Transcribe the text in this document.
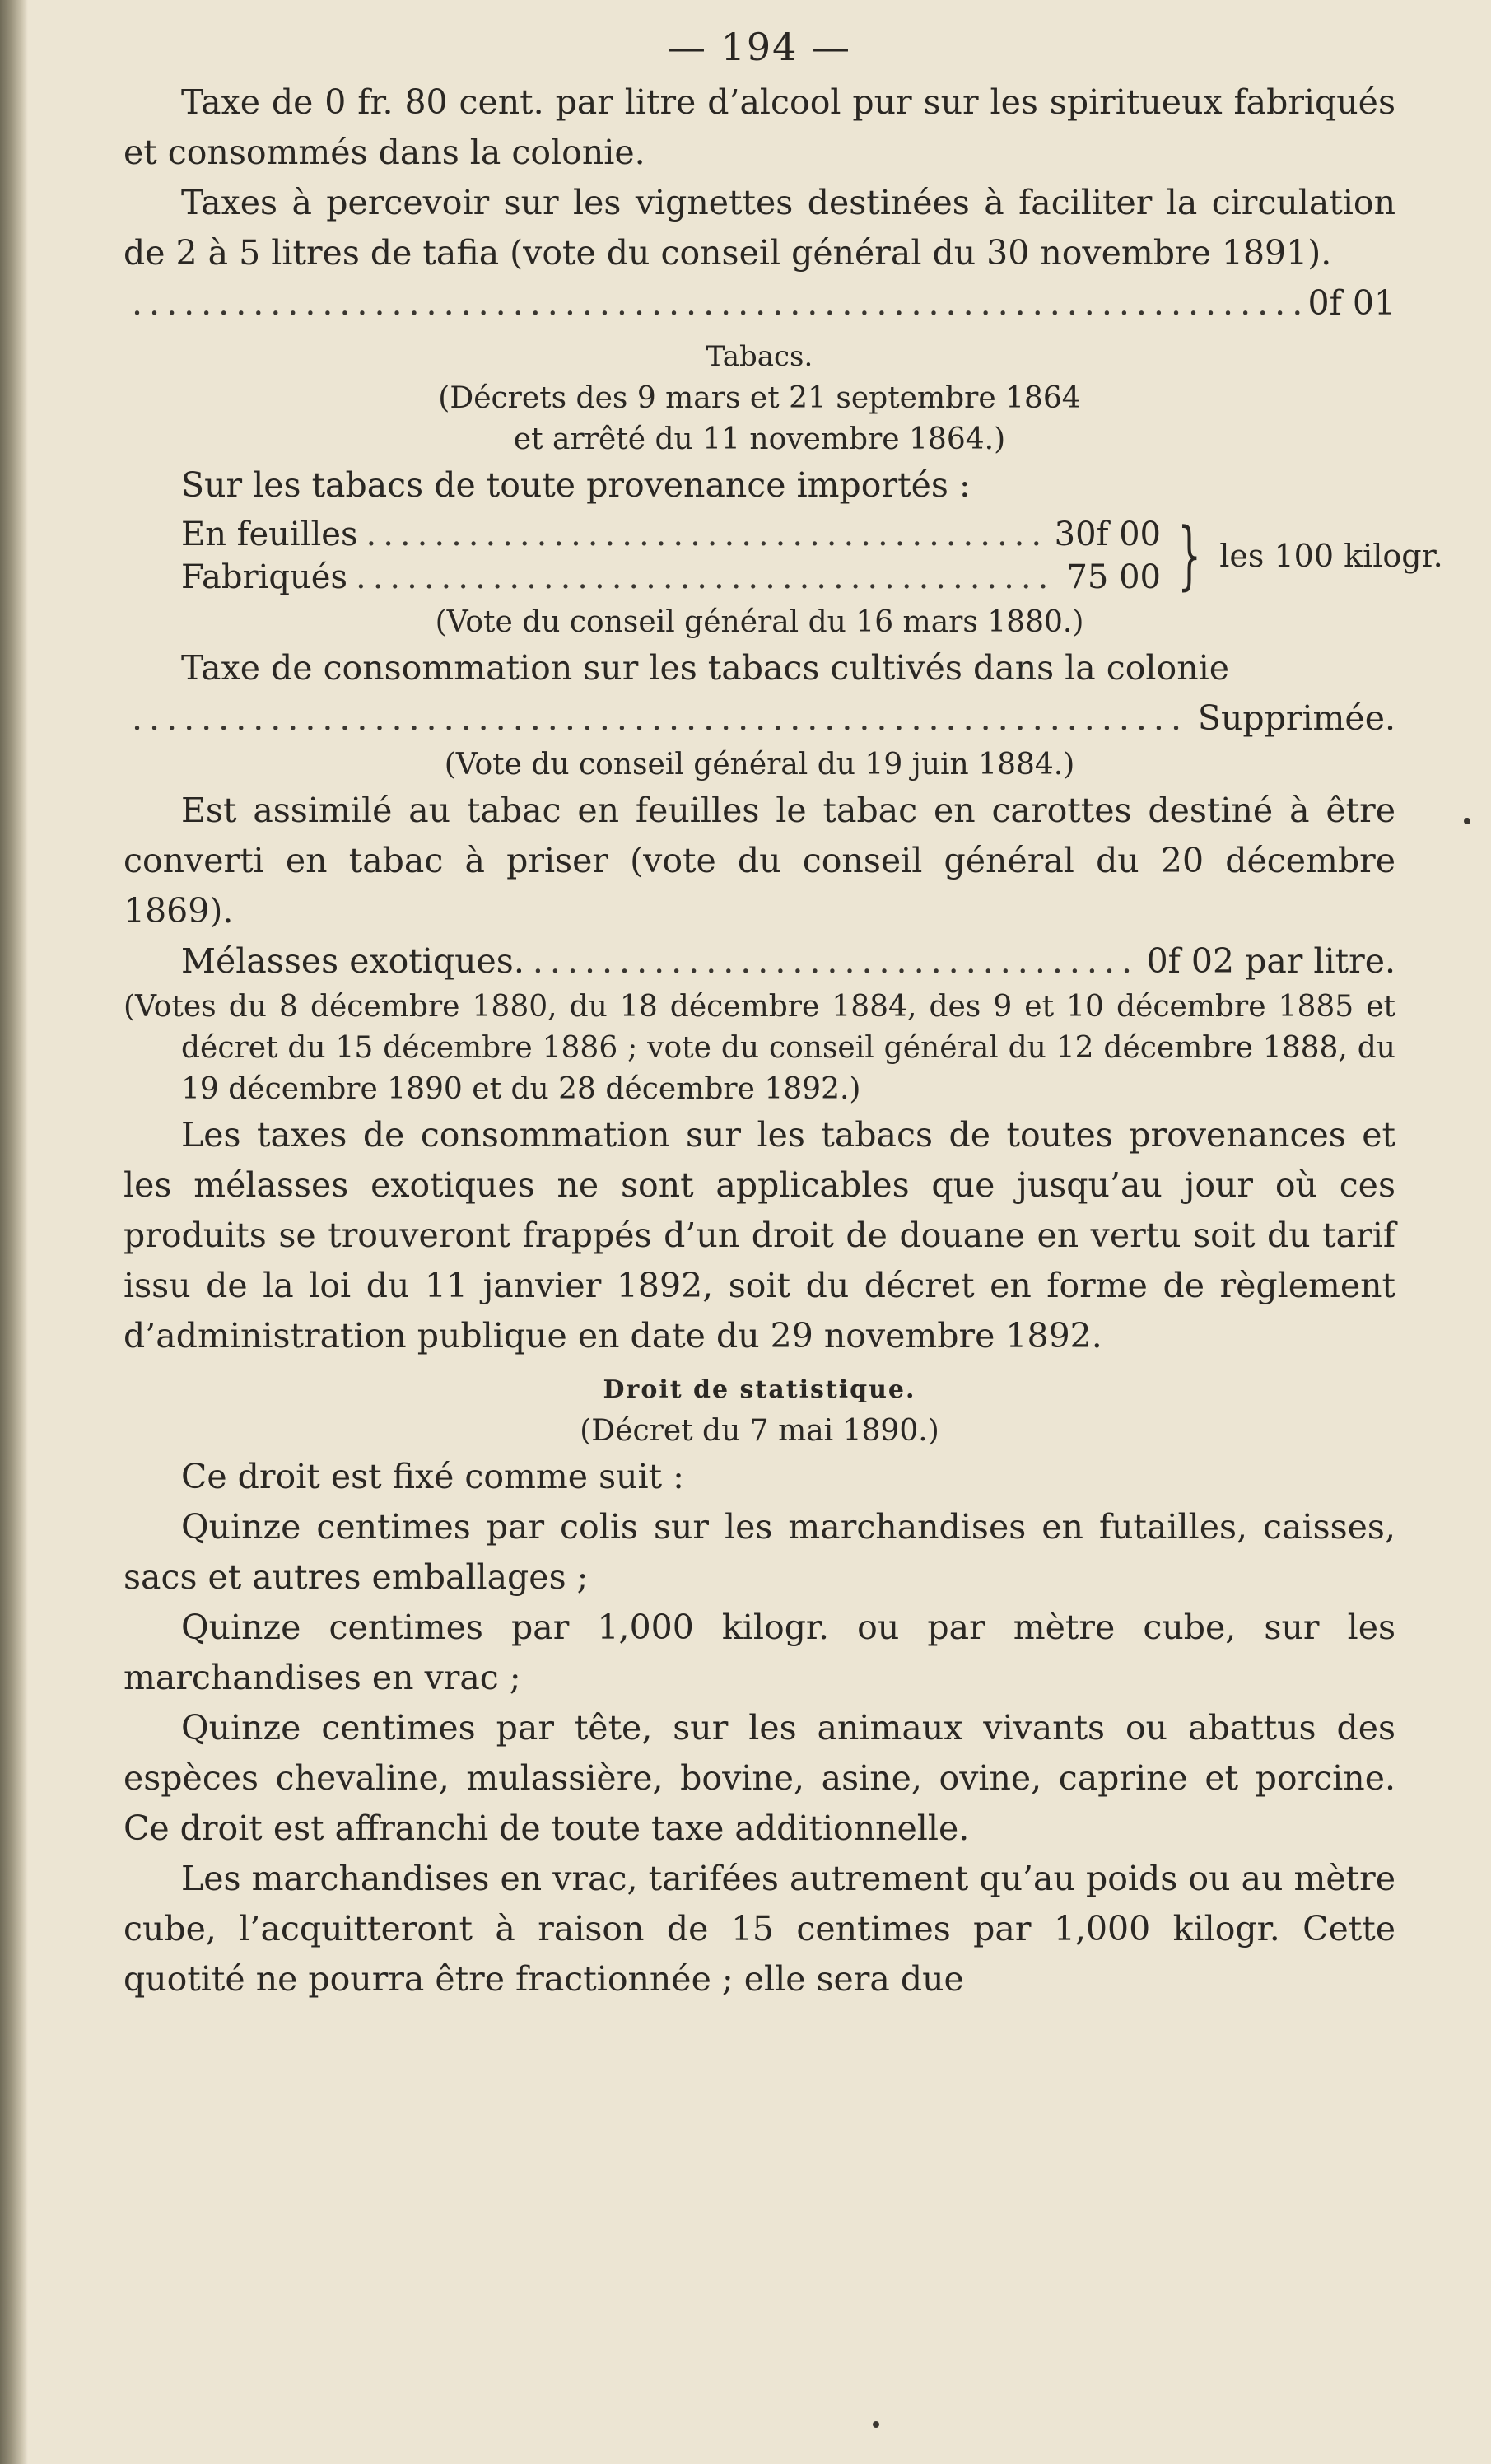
— 194 —

Taxe de 0 fr. 80 cent. par litre d’alcool pur sur les spiritueux fabriqués et consommés dans la colonie.

Taxes à percevoir sur les vignettes destinées à faciliter la circulation de 2 à 5 litres de tafia (vote du conseil général du 30 novembre 1891).

.....
0f 01

Tabacs.

(Décrets des 9 mars et 21 septembre 1864

et arrêté du 11 novembre 1864.)

Sur les tabacs de toute provenance importés :

En feuilles .....	30f 00
Fabriqués .....	75 00 } les 100 kilogr.

(Vote du conseil général du 16 mars 1880.)

Taxe de consommation sur les tabacs cultivés dans la colonie

.....
Supprimée.

(Vote du conseil général du 19 juin 1884.)

Est assimilé au tabac en feuilles le tabac en carottes destiné à être converti en tabac à priser (vote du conseil général du 20 décembre 1869).

Mélasses exotiques. .....	0f 02 par litre.

(Votes du 8 décembre 1880, du 18 décembre 1884, des 9 et 10 décembre 1885 et décret du 15 décembre 1886 ; vote du conseil général du 12 décembre 1888, du 19 décembre 1890 et du 28 décembre 1892.)

Les taxes de consommation sur les tabacs de toutes provenances et les mélasses exotiques ne sont applicables que jusqu’au jour où ces produits se trouveront frappés d’un droit de douane en vertu soit du tarif issu de la loi du 11 janvier 1892, soit du décret en forme de règlement d’administration publique en date du 29 novembre 1892.

Droit de statistique.

(Décret du 7 mai 1890.)

Ce droit est fixé comme suit :

Quinze centimes par colis sur les marchandises en futailles, caisses, sacs et autres emballages ;

Quinze centimes par 1,000 kilogr. ou par mètre cube, sur les marchandises en vrac ;

Quinze centimes par tête, sur les animaux vivants ou abattus des espèces chevaline, mulassière, bovine, asine, ovine, caprine et porcine. Ce droit est affranchi de toute taxe additionnelle.

Les marchandises en vrac, tarifées autrement qu’au poids ou au mètre cube, l’acquitteront à raison de 15 centimes par 1,000 kilogr. Cette quotité ne pourra être fractionnée ; elle sera due
